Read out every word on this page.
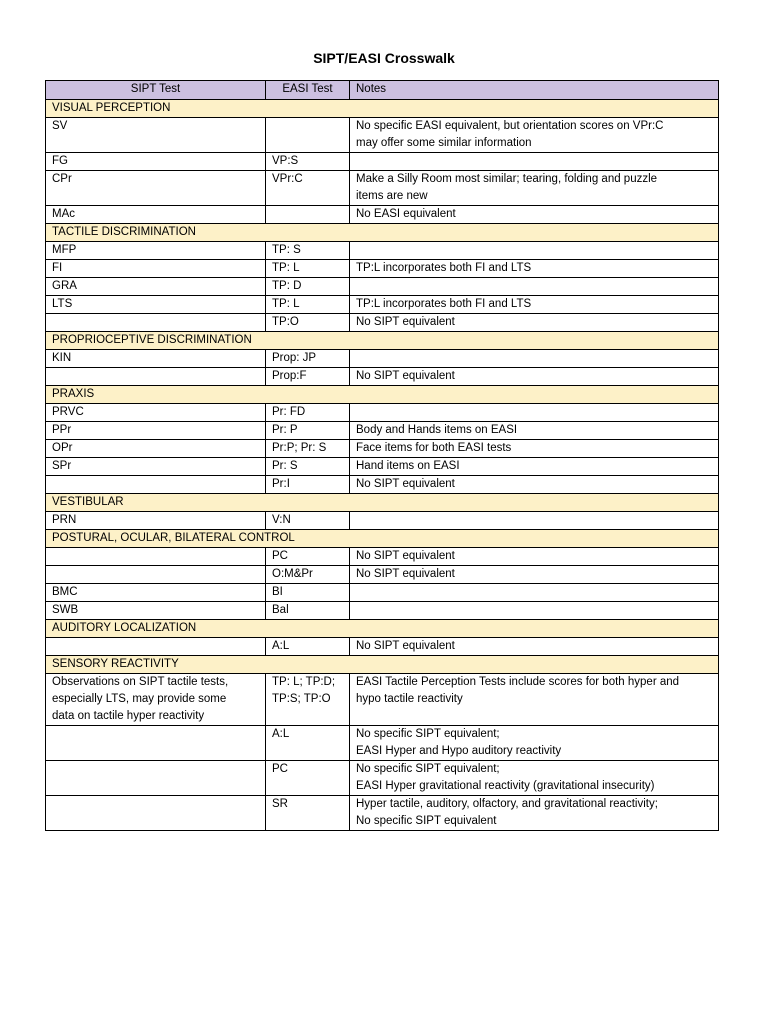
SIPT/EASI Crosswalk
SIPT Test	EASI Test	Notes
VISUAL PERCEPTION		

SV		No specific EASI equivalent, but orientation scores on VPr:C
may offer some similar information

FG	VP:S	

CPr	VPr:C	Make a Silly Room most similar; tearing, folding and puzzle
items are new

MAc		No EASI equivalent

TACTILE DISCRIMINATION		

MFP	TP: S	

FI	TP: L	TP:L incorporates both FI and LTS

GRA	TP: D	

LTS	TP: L	TP:L incorporates both FI and LTS

	TP:O	No SIPT equivalent

PROPRIOCEPTIVE DISCRIMINATION		

KIN	Prop: JP	

	Prop:F	No SIPT equivalent

PRAXIS		

PRVC	Pr: FD	

PPr	Pr: P	Body and Hands items on EASI

OPr	Pr:P; Pr: S	Face items for both EASI tests

SPr	Pr: S	Hand items on EASI

	Pr:I	No SIPT equivalent

VESTIBULAR		

PRN	V:N	

POSTURAL, OCULAR, BILATERAL CONTROL		

	PC	No SIPT equivalent

	O:M&Pr	No SIPT equivalent

BMC	BI	

SWB	Bal	

AUDITORY LOCALIZATION		

	A:L	No SIPT equivalent

SENSORY REACTIVITY		

Observations on SIPT tactile tests,
especially LTS, may provide some
data on tactile hyper reactivity	TP: L; TP:D;
TP:S; TP:O	EASI Tactile Perception Tests include scores for both hyper and
hypo tactile reactivity

	A:L	No specific SIPT equivalent;
EASI Hyper and Hypo auditory reactivity

	PC	No specific SIPT equivalent;
EASI Hyper gravitational reactivity (gravitational insecurity)

	SR	Hyper tactile, auditory, olfactory, and gravitational reactivity;
No specific SIPT equivalent
